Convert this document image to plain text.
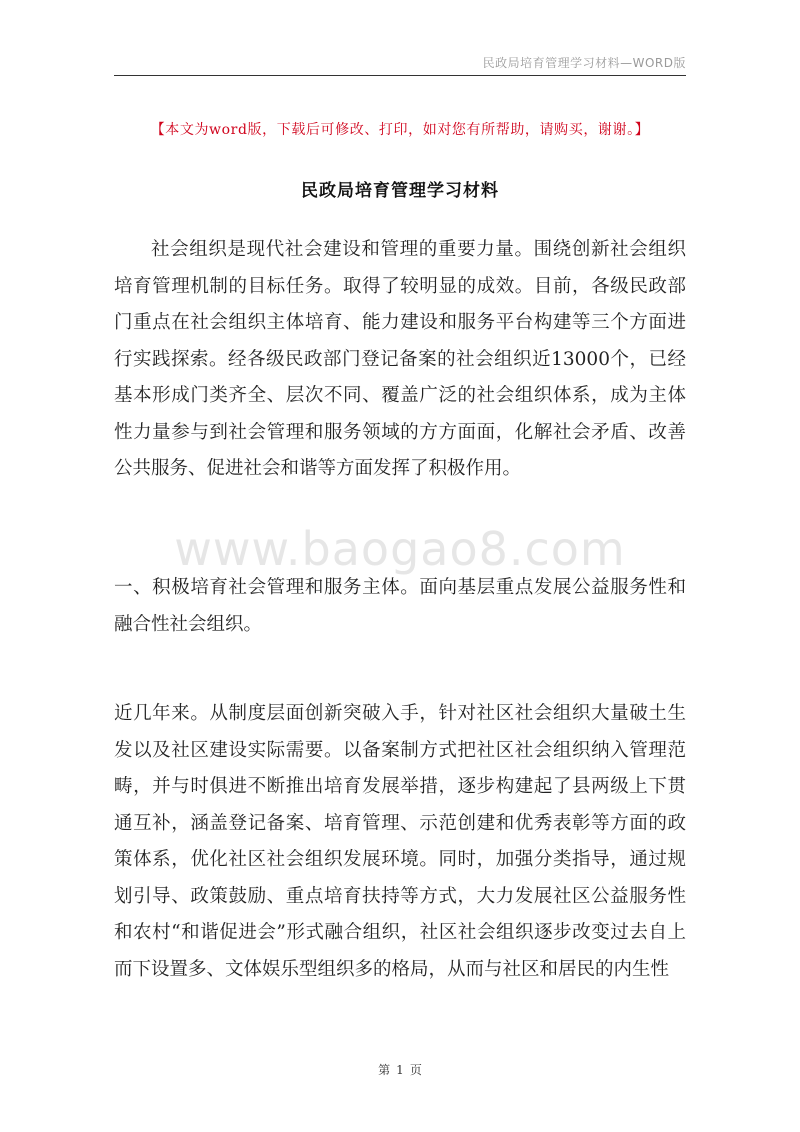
民政局培育管理学习材料—WORD版
【本文为word版，下载后可修改、打印，如对您有所帮助，请购买，谢谢。】
民政局培育管理学习材料

社会组织是现代社会建设和管理的重要力量。围绕创新社会组织培育管理机制的目标任务。取得了较明显的成效。目前，各级民政部门重点在社会组织主体培育、能力建设和服务平台构建等三个方面进行实践探索。经各级民政部门登记备案的社会组织近13000个，已经基本形成门类齐全、层次不同、覆盖广泛的社会组织体系，成为主体性力量参与到社会管理和服务领域的方方面面，化解社会矛盾、改善公共服务、促进社会和谐等方面发挥了积极作用。

www.baogao8.com

一、积极培育社会管理和服务主体。面向基层重点发展公益服务性和融合性社会组织。

近几年来。从制度层面创新突破入手，针对社区社会组织大量破土生发以及社区建设实际需要。以备案制方式把社区社会组织纳入管理范畴，并与时俱进不断推出培育发展举措，逐步构建起了县两级上下贯通互补，涵盖登记备案、培育管理、示范创建和优秀表彰等方面的政策体系，优化社区社会组织发展环境。同时，加强分类指导，通过规划引导、政策鼓励、重点培育扶持等方式，大力发展社区公益服务性和农村“和谐促进会”形式融合组织，社区社会组织逐步改变过去自上而下设置多、文体娱乐型组织多的格局，从而与社区和居民的内生性

第 1 页
